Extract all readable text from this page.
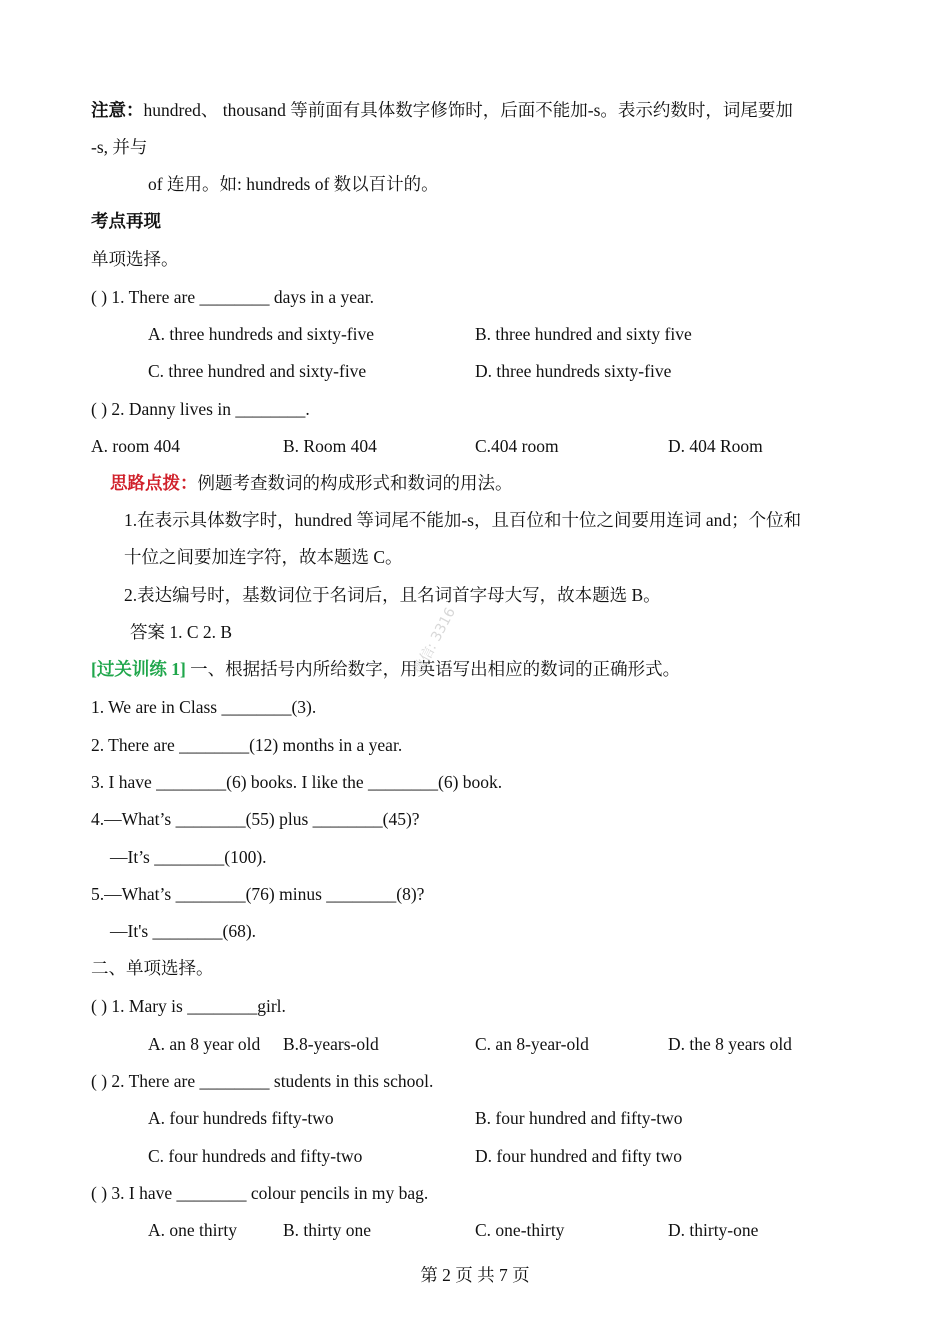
注意：hundred、 thousand 等前面有具体数字修饰时，后面不能加-s。表示约数时，词尾要加
-s, 并与
of 连用。如: hundreds of 数以百计的。
考点再现
单项选择。
( ) 1. There are ________ days in a year.
A. three hundreds and sixty-five	B. three hundred and sixty five
C. three hundred and sixty-five	D. three hundreds sixty-five
( ) 2. Danny lives in ________.
A. room 404	B. Room 404	C.404 room	D. 404 Room
思路点拨：例题考查数词的构成形式和数词的用法。
1.在表示具体数字时，hundred 等词尾不能加-s，且百位和十位之间要用连词 and；个位和
十位之间要加连字符，故本题选 C。
2.表达编号时，基数词位于名词后，且名词首字母大写，故本题选 B。
答案 1. C 2. B
[过关训练 1] 一、根据括号内所给数字，用英语写出相应的数词的正确形式。
1. We are in Class ________(3).
2. There are ________(12) months in a year.
3. I have ________(6) books. I like the ________(6) book.
4.—What’s ________(55) plus ________(45)?
—It’s ________(100).
5.—What’s ________(76) minus ________(8)?
—It's ________(68).
二、单项选择。
( ) 1. Mary is ________girl.
A. an 8 year old B.8-years-old	C. an 8-year-old	D. the 8 years old
( ) 2. There are ________ students in this school.
A. four hundreds fifty-two	B. four hundred and fifty-two
C. four hundreds and fifty-two	D. four hundred and fifty two
( ) 3. I have ________ colour pencils in my bag.
A. one thirty	B. thirty one	C. one-thirty	D. thirty-one
微信: 3316
第 2 页 共 7 页
